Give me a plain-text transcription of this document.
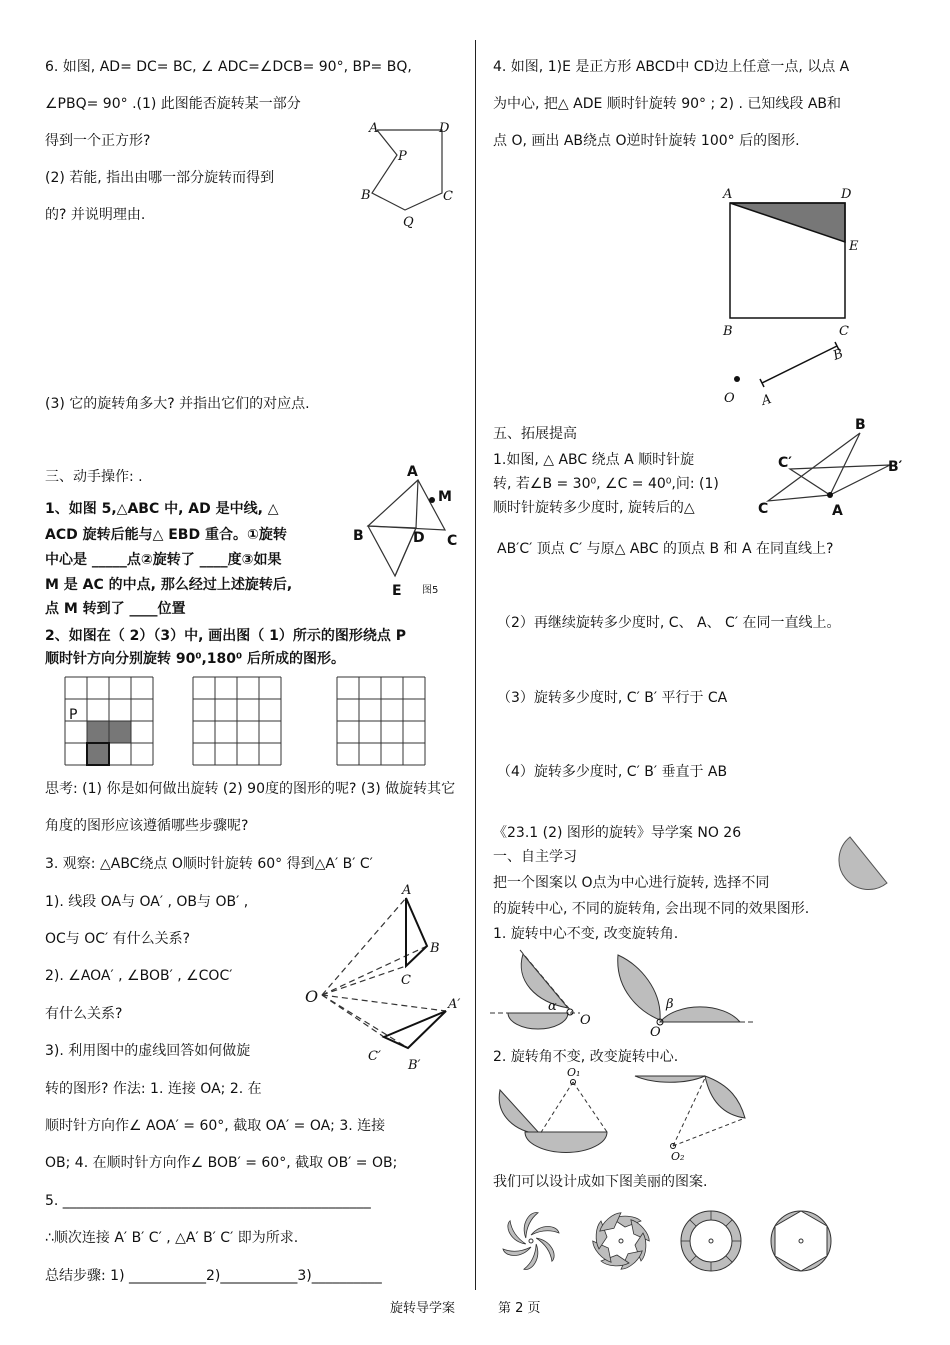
6. 如图, AD= DC= BC, ∠ ADC=∠DCB= 90°, BP= BQ,
∠PBQ= 90° .(1) 此图能否旋转某一部分
得到一个正方形?
(2) 若能, 指出由哪一部分旋转而得到
的? 并说明理由.
A	D
P
B	C
Q
(3) 它的旋转角多大? 并指出它们的对应点.
三、动手操作: .
1、如图 5,△ABC 中, AD 是中线, △
ACD 旋转后能与△ EBD 重合。①旋转
中心是 _____点②旋转了 ____度③如果
M 是 AC 的中点, 那么经过上述旋转后,
点 M 转到了 ____位置
A
M
B	D C
E 图5
2、如图在（ 2）（3）中, 画出图（ 1）所示的图形绕点 P
顺时针方向分别旋转 90⁰,180⁰ 后所成的图形。
P
思考: (1) 你是如何做出旋转 (2) 90度的图形的呢? (3) 做旋转其它
角度的图形应该遵循哪些步骤呢?
3. 观察: △ABC绕点 O顺时针旋转 60° 得到△A′ B′ C′
1). 线段 OA与 OA′ , OB与 OB′ ,
OC与 OC′ 有什么关系?
2). ∠AOA′ , ∠BOB′ , ∠COC′
有什么关系?
3). 利用图中的虚线回答如何做旋
转的图形? 作法: 1. 连接 OA; 2. 在
顺时针方向作∠ AOA′ = 60°, 截取 OA′ = OA; 3. 连接
OB; 4. 在顺时针方向作∠ BOB′ = 60°, 截取 OB′ = OB;
5. ____________________________________________
∴顺次连接 A′ B′ C′ , △A′ B′ C′ 即为所求.
总结步骤: 1) ___________2)___________3)__________
A
B
C
O	A′
B′
C′
4. 如图, 1)E 是正方形 ABCD中 CD边上任意一点, 以点 A
为中心, 把△ ADE 顺时针旋转 90° ; 2) . 已知线段 AB和
点 O, 画出 AB绕点 O逆时针旋转 100° 后的图形.
A	D
E
B	C
O
B
A
五、拓展提高
1.如图, △ ABC 绕点 A 顺时针旋
转, 若∠B = 30⁰, ∠C = 40⁰,问: (1)
顺时针旋转多少度时, 旋转后的△
B
C′	B′
C	A
AB′C′ 顶点 C′ 与原△ ABC 的顶点 B 和 A 在同直线上?
（2）再继续旋转多少度时, C、 A、 C′ 在同一直线上。
（3）旋转多少度时, C′ B′ 平行于 CA
（4）旋转多少度时, C′ B′ 垂直于 AB
《23.1 (2) 图形的旋转》导学案 NO 26
一、自主学习
把一个图案以 O点为中心进行旋转, 选择不同
的旋转中心, 不同的旋转角, 会出现不同的效果图形.
1. 旋转中心不变, 改变旋转角.
α
O
β
O
2. 旋转角不变, 改变旋转中心.
O₁
O₂
我们可以设计成如下图美丽的图案.
旋转导学案	第 2 页
